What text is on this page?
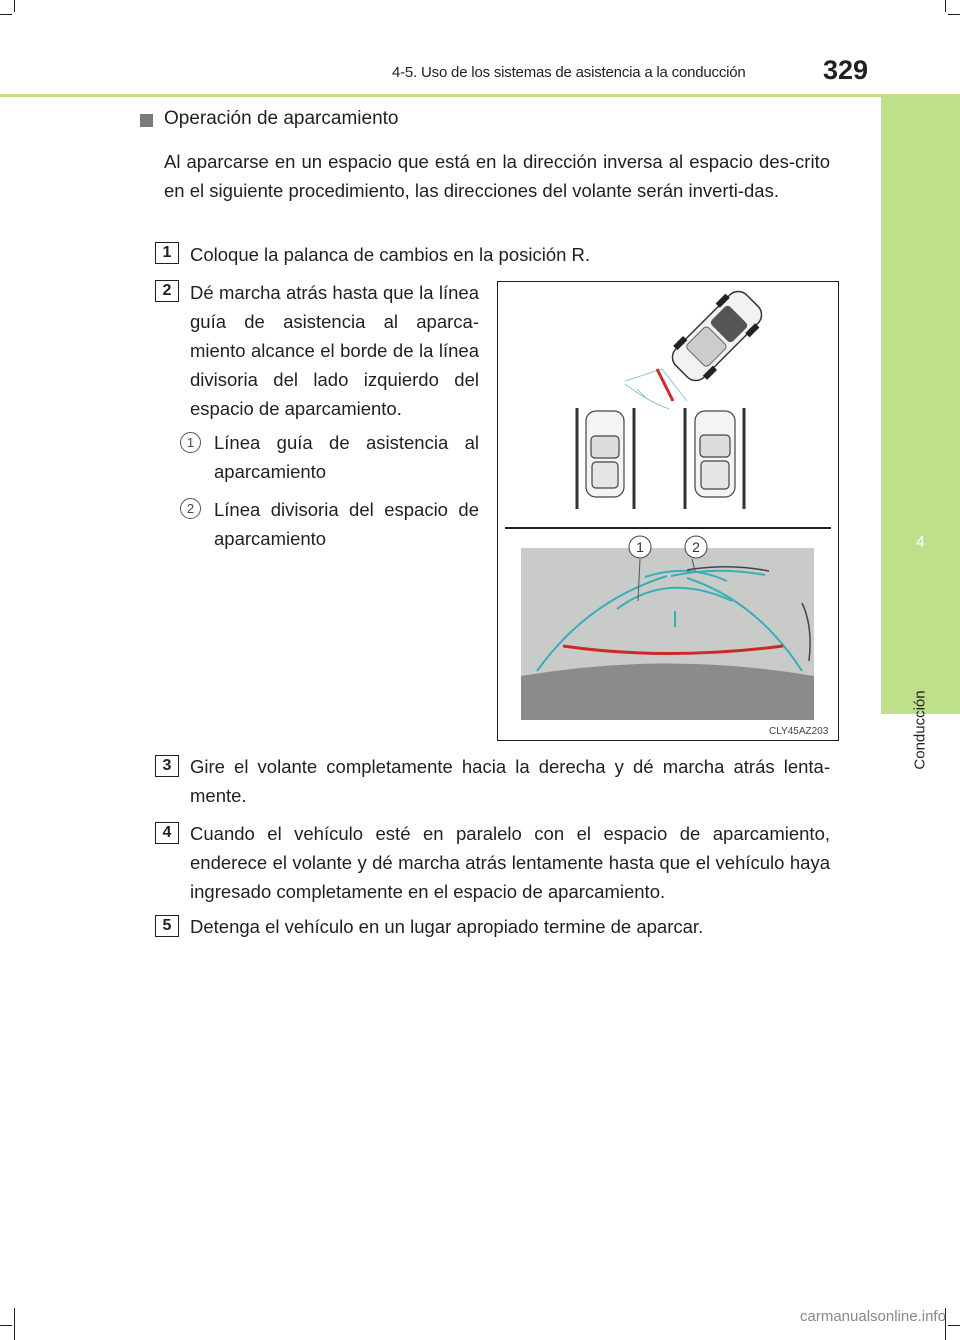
4-5. Uso de los sistemas de asistencia a la conducción	329
4
Conducción
Operación de aparcamiento
Al aparcarse en un espacio que está en la dirección inversa al espacio des-crito en el siguiente procedimiento, las direcciones del volante serán inverti-das.
1	Coloque la palanca de cambios en la posición R.
2	Dé marcha atrás hasta que la línea guía de asistencia al aparca-miento alcance el borde de la línea divisoria del lado izquierdo del espacio de aparcamiento.
1	Línea guía de asistencia al aparcamiento
2	Línea divisoria del espacio de aparcamiento	1	2
CLY45AZ203
3	Gire el volante completamente hacia la derecha y dé marcha atrás lenta-mente.
4	Cuando el vehículo esté en paralelo con el espacio de aparcamiento, enderece el volante y dé marcha atrás lentamente hasta que el vehículo haya ingresado completamente en el espacio de aparcamiento.
5	Detenga el vehículo en un lugar apropiado termine de aparcar.
carmanualsonline.info
